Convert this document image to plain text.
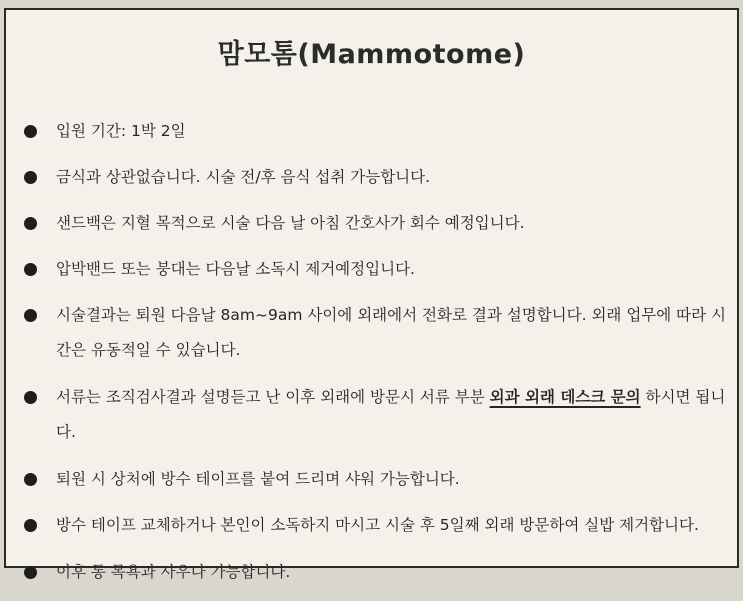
맘모톰(Mammotome)
입원 기간: 1박 2일
금식과 상관없습니다. 시술 전/후 음식 섭취 가능합니다.
샌드백은 지혈 목적으로 시술 다음 날 아침 간호사가 회수 예정입니다.
압박밴드 또는 붕대는 다음날 소독시 제거예정입니다.
시술결과는 퇴원 다음날 8am~9am 사이에 외래에서 전화로 결과 설명합니다. 외래 업무에 따라 시간은 유동적일 수 있습니다.
서류는 조직검사결과 설명듣고 난 이후 외래에 방문시 서류 부분 외과 외래 데스크 문의 하시면 됩니다.
퇴원 시 상처에 방수 테이프를 붙여 드리며 샤워 가능합니다.
방수 테이프 교체하거나 본인이 소독하지 마시고 시술 후 5일째 외래 방문하여 실밥 제거합니다.
이후 통 목욕과 사우나 가능합니다.
